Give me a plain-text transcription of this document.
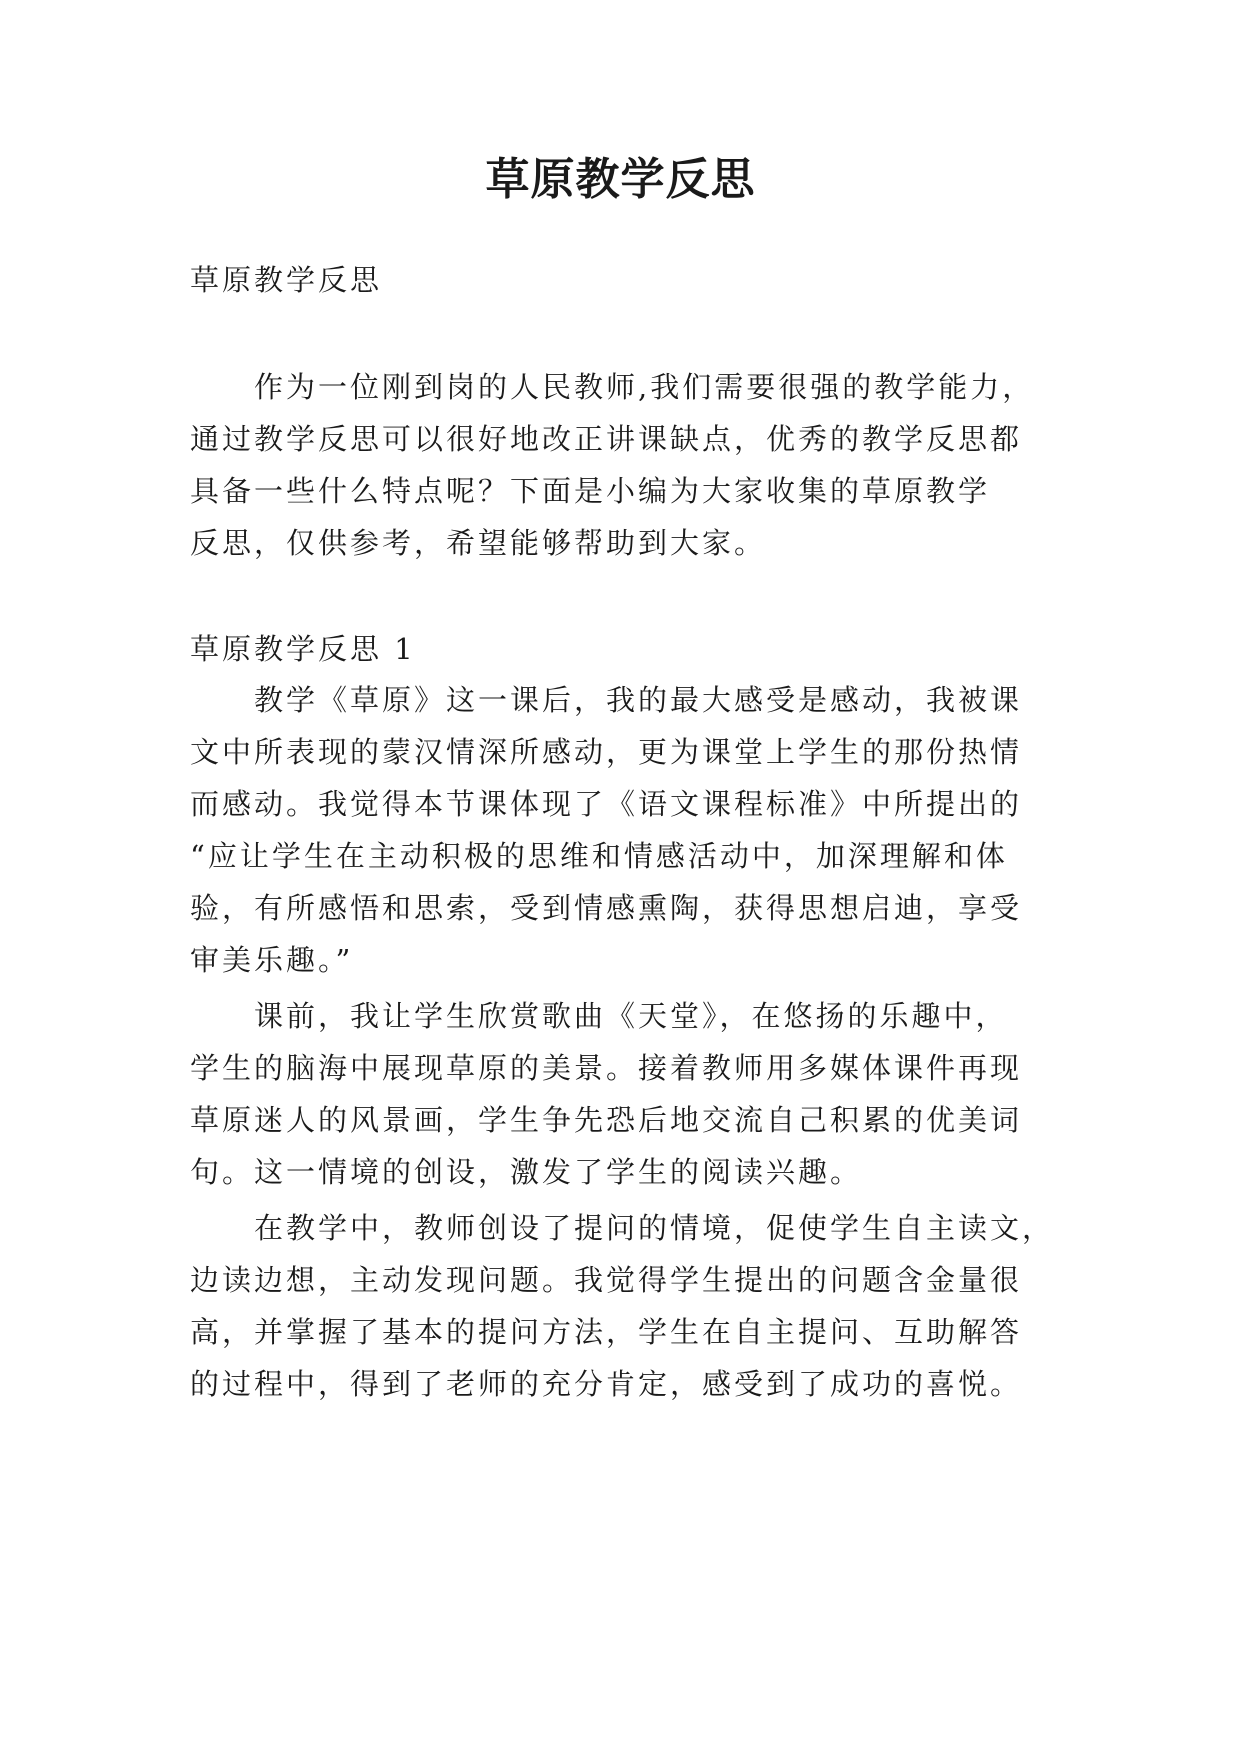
草原教学反思

草原教学反思

作为一位刚到岗的人民教师,我们需要很强的教学能力，

通过教学反思可以很好地改正讲课缺点，优秀的教学反思都

具备一些什么特点呢？下面是小编为大家收集的草原教学

反思，仅供参考，希望能够帮助到大家。

草原教学反思 1

教学《草原》这一课后，我的最大感受是感动，我被课

文中所表现的蒙汉情深所感动，更为课堂上学生的那份热情

而感动。我觉得本节课体现了《语文课程标准》中所提出的

“应让学生在主动积极的思维和情感活动中，加深理解和体

验，有所感悟和思索，受到情感熏陶，获得思想启迪，享受

审美乐趣。”

课前，我让学生欣赏歌曲《天堂》，在悠扬的乐趣中，

学生的脑海中展现草原的美景。接着教师用多媒体课件再现

草原迷人的风景画，学生争先恐后地交流自己积累的优美词

句。这一情境的创设，激发了学生的阅读兴趣。

在教学中，教师创设了提问的情境，促使学生自主读文，

边读边想，主动发现问题。我觉得学生提出的问题含金量很

高，并掌握了基本的提问方法，学生在自主提问、互助解答

的过程中，得到了老师的充分肯定，感受到了成功的喜悦。
